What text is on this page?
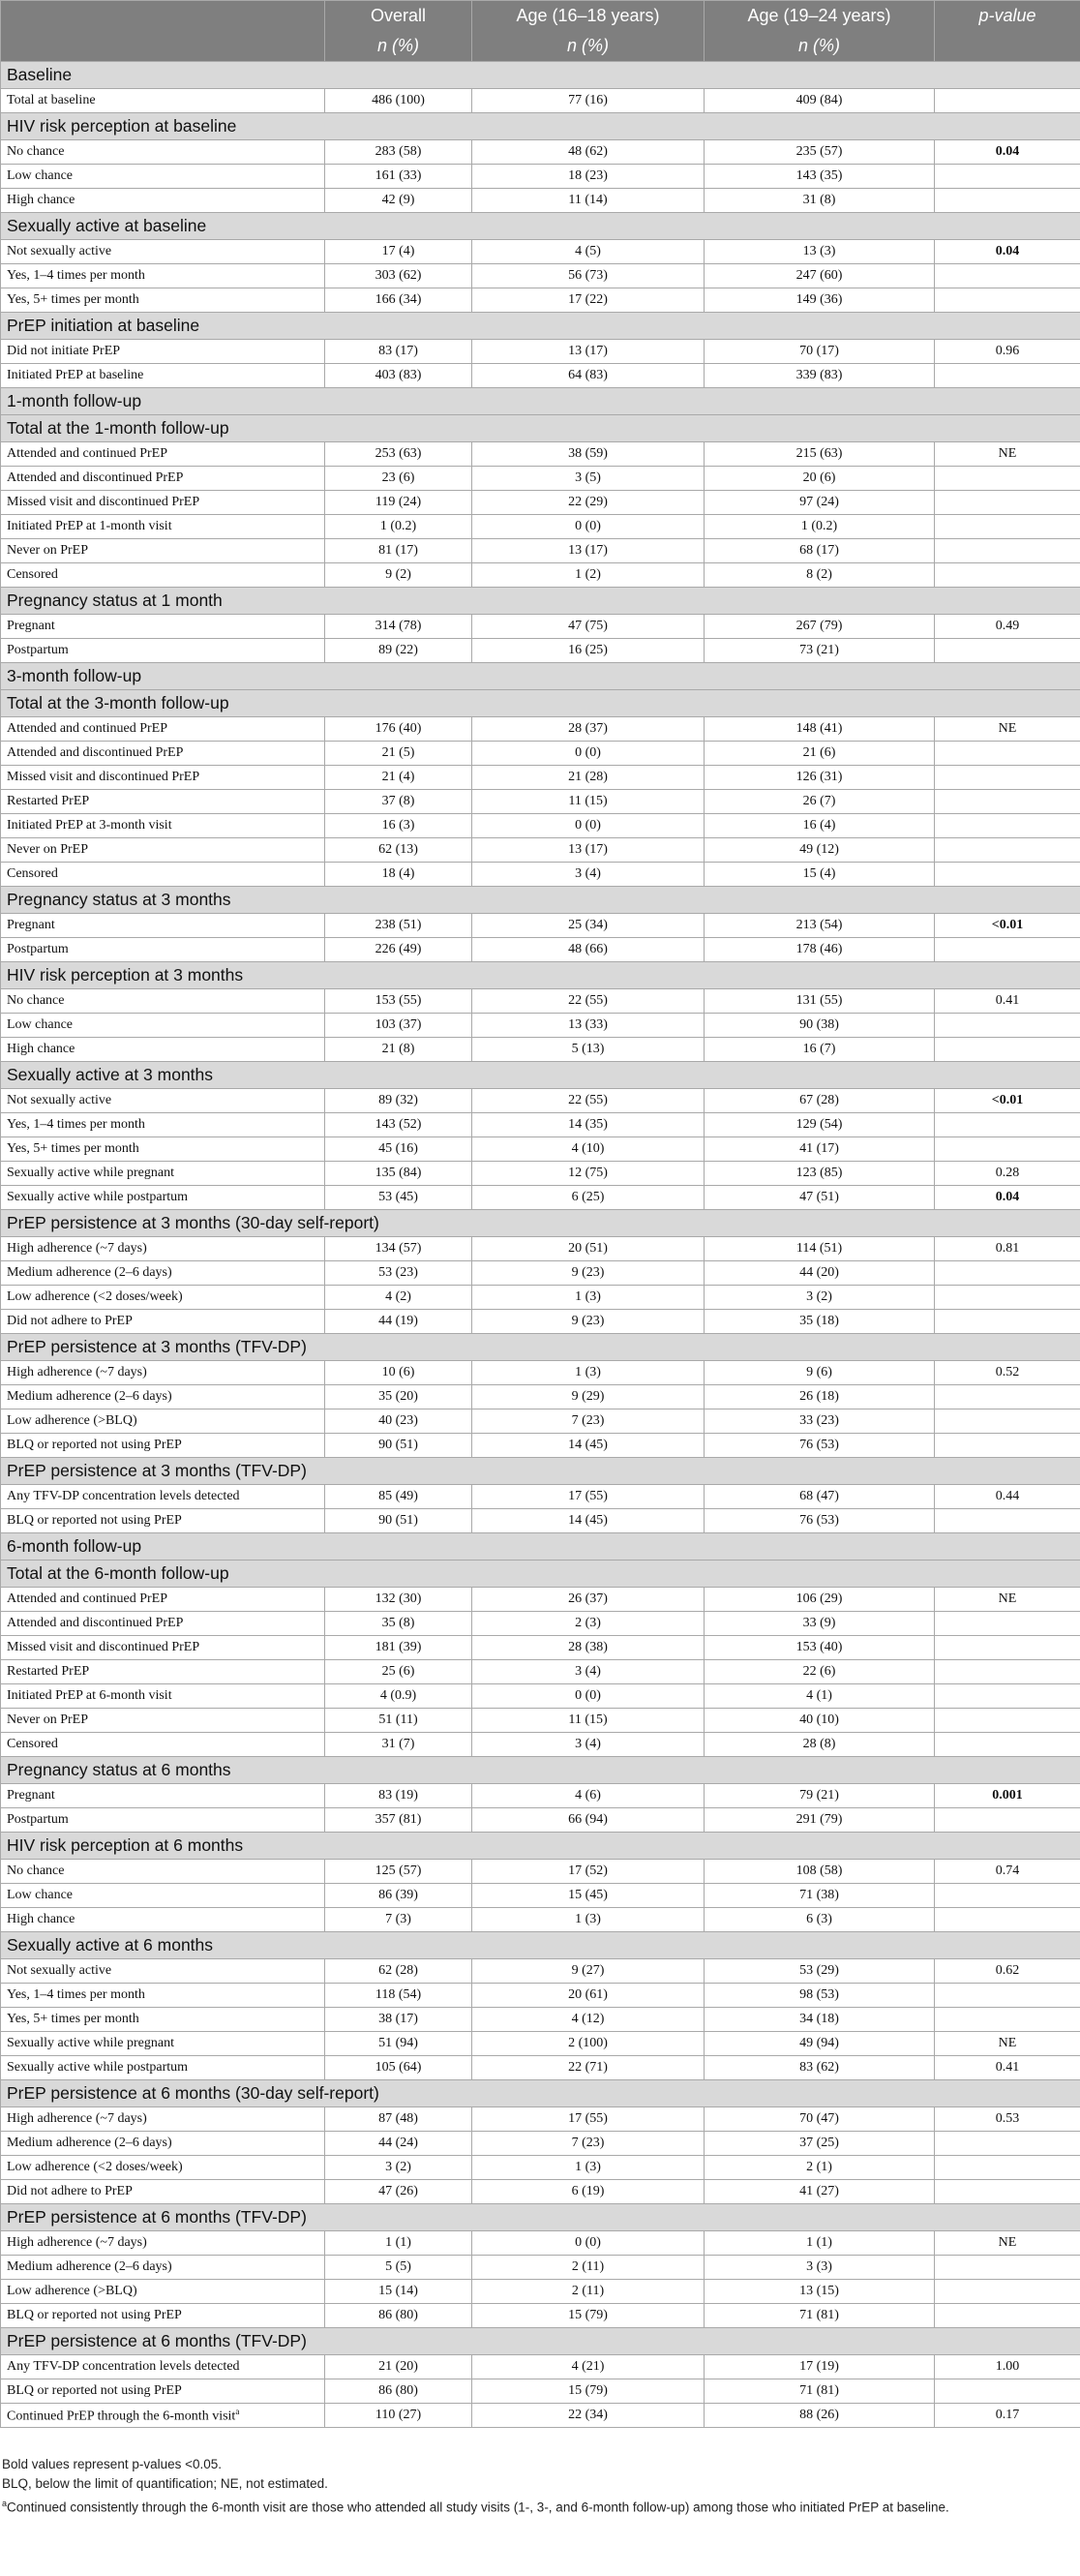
	Overall	Age (16–18 years)	Age (19–24 years)	p-value
	n (%)	n (%)	n (%)	
Baseline				
Total at baseline	486 (100)	77 (16)	409 (84)	
HIV risk perception at baseline				
No chance	283 (58)	48 (62)	235 (57)	0.04
Low chance	161 (33)	18 (23)	143 (35)	
High chance	42 (9)	11 (14)	31 (8)	
Sexually active at baseline				
Not sexually active	17 (4)	4 (5)	13 (3)	0.04
Yes, 1–4 times per month	303 (62)	56 (73)	247 (60)	
Yes, 5+ times per month	166 (34)	17 (22)	149 (36)	
PrEP initiation at baseline				
Did not initiate PrEP	83 (17)	13 (17)	70 (17)	0.96
Initiated PrEP at baseline	403 (83)	64 (83)	339 (83)	
1-month follow-up				
Total at the 1-month follow-up				
Attended and continued PrEP	253 (63)	38 (59)	215 (63)	NE
Attended and discontinued PrEP	23 (6)	3 (5)	20 (6)	
Missed visit and discontinued PrEP	119 (24)	22 (29)	97 (24)	
Initiated PrEP at 1-month visit	1 (0.2)	0 (0)	1 (0.2)	
Never on PrEP	81 (17)	13 (17)	68 (17)	
Censored	9 (2)	1 (2)	8 (2)	
Pregnancy status at 1 month				
Pregnant	314 (78)	47 (75)	267 (79)	0.49
Postpartum	89 (22)	16 (25)	73 (21)	
3-month follow-up				
Total at the 3-month follow-up				
Attended and continued PrEP	176 (40)	28 (37)	148 (41)	NE
Attended and discontinued PrEP	21 (5)	0 (0)	21 (6)	
Missed visit and discontinued PrEP	21 (4)	21 (28)	126 (31)	
Restarted PrEP	37 (8)	11 (15)	26 (7)	
Initiated PrEP at 3-month visit	16 (3)	0 (0)	16 (4)	
Never on PrEP	62 (13)	13 (17)	49 (12)	
Censored	18 (4)	3 (4)	15 (4)	
Pregnancy status at 3 months				
Pregnant	238 (51)	25 (34)	213 (54)	<0.01
Postpartum	226 (49)	48 (66)	178 (46)	
HIV risk perception at 3 months				
No chance	153 (55)	22 (55)	131 (55)	0.41
Low chance	103 (37)	13 (33)	90 (38)	
High chance	21 (8)	5 (13)	16 (7)	
Sexually active at 3 months				
Not sexually active	89 (32)	22 (55)	67 (28)	<0.01
Yes, 1–4 times per month	143 (52)	14 (35)	129 (54)	
Yes, 5+ times per month	45 (16)	4 (10)	41 (17)	
Sexually active while pregnant	135 (84)	12 (75)	123 (85)	0.28
Sexually active while postpartum	53 (45)	6 (25)	47 (51)	0.04
PrEP persistence at 3 months (30-day self-report)				
High adherence (~7 days)	134 (57)	20 (51)	114 (51)	0.81
Medium adherence (2–6 days)	53 (23)	9 (23)	44 (20)	
Low adherence (<2 doses/week)	4 (2)	1 (3)	3 (2)	
Did not adhere to PrEP	44 (19)	9 (23)	35 (18)	
PrEP persistence at 3 months (TFV-DP)				
High adherence (~7 days)	10 (6)	1 (3)	9 (6)	0.52
Medium adherence (2–6 days)	35 (20)	9 (29)	26 (18)	
Low adherence (>BLQ)	40 (23)	7 (23)	33 (23)	
BLQ or reported not using PrEP	90 (51)	14 (45)	76 (53)	
PrEP persistence at 3 months (TFV-DP)				
Any TFV-DP concentration levels detected	85 (49)	17 (55)	68 (47)	0.44
BLQ or reported not using PrEP	90 (51)	14 (45)	76 (53)	
6-month follow-up				
Total at the 6-month follow-up				
Attended and continued PrEP	132 (30)	26 (37)	106 (29)	NE
Attended and discontinued PrEP	35 (8)	2 (3)	33 (9)	
Missed visit and discontinued PrEP	181 (39)	28 (38)	153 (40)	
Restarted PrEP	25 (6)	3 (4)	22 (6)	
Initiated PrEP at 6-month visit	4 (0.9)	0 (0)	4 (1)	
Never on PrEP	51 (11)	11 (15)	40 (10)	
Censored	31 (7)	3 (4)	28 (8)	
Pregnancy status at 6 months				
Pregnant	83 (19)	4 (6)	79 (21)	0.001
Postpartum	357 (81)	66 (94)	291 (79)	
HIV risk perception at 6 months				
No chance	125 (57)	17 (52)	108 (58)	0.74
Low chance	86 (39)	15 (45)	71 (38)	
High chance	7 (3)	1 (3)	6 (3)	
Sexually active at 6 months				
Not sexually active	62 (28)	9 (27)	53 (29)	0.62
Yes, 1–4 times per month	118 (54)	20 (61)	98 (53)	
Yes, 5+ times per month	38 (17)	4 (12)	34 (18)	
Sexually active while pregnant	51 (94)	2 (100)	49 (94)	NE
Sexually active while postpartum	105 (64)	22 (71)	83 (62)	0.41
PrEP persistence at 6 months (30-day self-report)				
High adherence (~7 days)	87 (48)	17 (55)	70 (47)	0.53
Medium adherence (2–6 days)	44 (24)	7 (23)	37 (25)	
Low adherence (<2 doses/week)	3 (2)	1 (3)	2 (1)	
Did not adhere to PrEP	47 (26)	6 (19)	41 (27)	
PrEP persistence at 6 months (TFV-DP)				
High adherence (~7 days)	1 (1)	0 (0)	1 (1)	NE
Medium adherence (2–6 days)	5 (5)	2 (11)	3 (3)	
Low adherence (>BLQ)	15 (14)	2 (11)	13 (15)	
BLQ or reported not using PrEP	86 (80)	15 (79)	71 (81)	
PrEP persistence at 6 months (TFV-DP)				
Any TFV-DP concentration levels detected	21 (20)	4 (21)	17 (19)	1.00
BLQ or reported not using PrEP	86 (80)	15 (79)	71 (81)	
Continued PrEP through the 6-month visit$^a$	110 (27)	22 (34)	88 (26)	0.17
Bold values represent p-values <0.05.
BLQ, below the limit of quantification; NE, not estimated.
$^a$Continued consistently through the 6-month visit are those who attended all study visits (1-, 3-, and 6-month follow-up) among those who initiated PrEP at baseline.
